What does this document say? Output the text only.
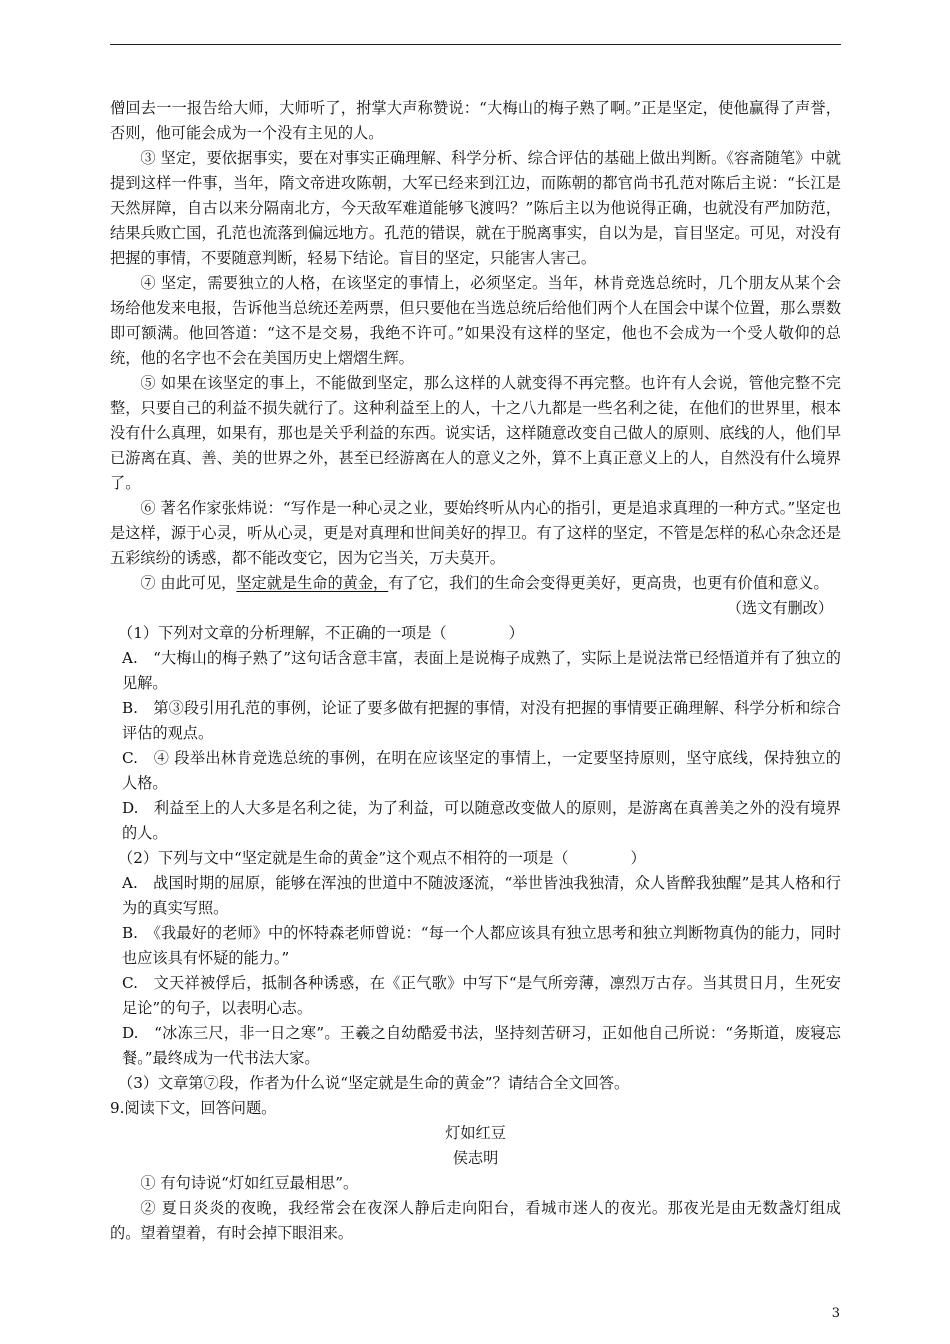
僧回去一一报告给大师，大师听了，拊掌大声称赞说：“大梅山的梅子熟了啊。”正是坚定，使他赢得了声誉，否则，他可能会成为一个没有主见的人。

③ 坚定，要依据事实，要在对事实正确理解、科学分析、综合评估的基础上做出判断。《容斋随笔》中就提到这样一件事，当年，隋文帝进攻陈朝，大军已经来到江边，而陈朝的都官尚书孔范对陈后主说：“长江是天然屏障，自古以来分隔南北方，今天敌军难道能够飞渡吗？”陈后主以为他说得正确，也就没有严加防范，结果兵败亡国，孔范也流落到偏远地方。孔范的错误，就在于脱离事实，自以为是，盲目坚定。可见，对没有把握的事情，不要随意判断，轻易下结论。盲目的坚定，只能害人害己。

④ 坚定，需要独立的人格，在该坚定的事情上，必须坚定。当年，林肯竞选总统时，几个朋友从某个会场给他发来电报，告诉他当总统还差两票，但只要他在当选总统后给他们两个人在国会中谋个位置，那么票数即可额满。他回答道：“这不是交易，我绝不许可。”如果没有这样的坚定，他也不会成为一个受人敬仰的总统，他的名字也不会在美国历史上熠熠生辉。

⑤ 如果在该坚定的事上，不能做到坚定，那么这样的人就变得不再完整。也许有人会说，管他完整不完整，只要自己的利益不损失就行了。这种利益至上的人，十之八九都是一些名利之徒，在他们的世界里，根本没有什么真理，如果有，那也是关乎利益的东西。说实话，这样随意改变自己做人的原则、底线的人，他们早已游离在真、善、美的世界之外，甚至已经游离在人的意义之外，算不上真正意义上的人，自然没有什么境界了。

⑥ 著名作家张炜说：“写作是一种心灵之业，要始终听从内心的指引，更是追求真理的一种方式。”坚定也是这样，源于心灵，听从心灵，更是对真理和世间美好的捍卫。有了这样的坚定，不管是怎样的私心杂念还是五彩缤纷的诱惑，都不能改变它，因为它当关，万夫莫开。

⑦ 由此可见，坚定就是生命的黄金，有了它，我们的生命会变得更美好，更高贵，也更有价值和意义。

（选文有删改）

（1）下列对文章的分析理解，不正确的一项是（	）

A.　“大梅山的梅子熟了”这句话含意丰富，表面上是说梅子成熟了，实际上是说法常已经悟道并有了独立的见解。

B.　第③段引用孔范的事例，论证了要多做有把握的事情，对没有把握的事情要正确理解、科学分析和综合评估的观点。

C.　④ 段举出林肯竞选总统的事例，在明在应该坚定的事情上，一定要坚持原则，坚守底线，保持独立的人格。

D.　利益至上的人大多是名利之徒，为了利益，可以随意改变做人的原则，是游离在真善美之外的没有境界的人。

（2）下列与文中“坚定就是生命的黄金”这个观点不相符的一项是（	）

A.　战国时期的屈原，能够在浑浊的世道中不随波逐流，“举世皆浊我独清，众人皆醉我独醒”是其人格和行为的真实写照。

B.　《我最好的老师》中的怀特森老师曾说：“每一个人都应该具有独立思考和独立判断物真伪的能力，同时也应该具有怀疑的能力。”

C.　文天祥被俘后，抵制各种诱惑，在《正气歌》中写下“是气所旁薄，凛烈万古存。当其贯日月，生死安足论”的句子，以表明心志。

D.　“冰冻三尺，非一日之寒”。王羲之自幼酷爱书法，坚持刻苦研习，正如他自己所说：“务斯道，废寝忘餐。”最终成为一代书法大家。

（3）文章第⑦段，作者为什么说“坚定就是生命的黄金”？请结合全文回答。

9.阅读下文，回答问题。

灯如红豆

侯志明

① 有句诗说“灯如红豆最相思”。

② 夏日炎炎的夜晚，我经常会在夜深人静后走向阳台，看城市迷人的夜光。那夜光是由无数盏灯组成的。望着望着，有时会掉下眼泪来。

3
